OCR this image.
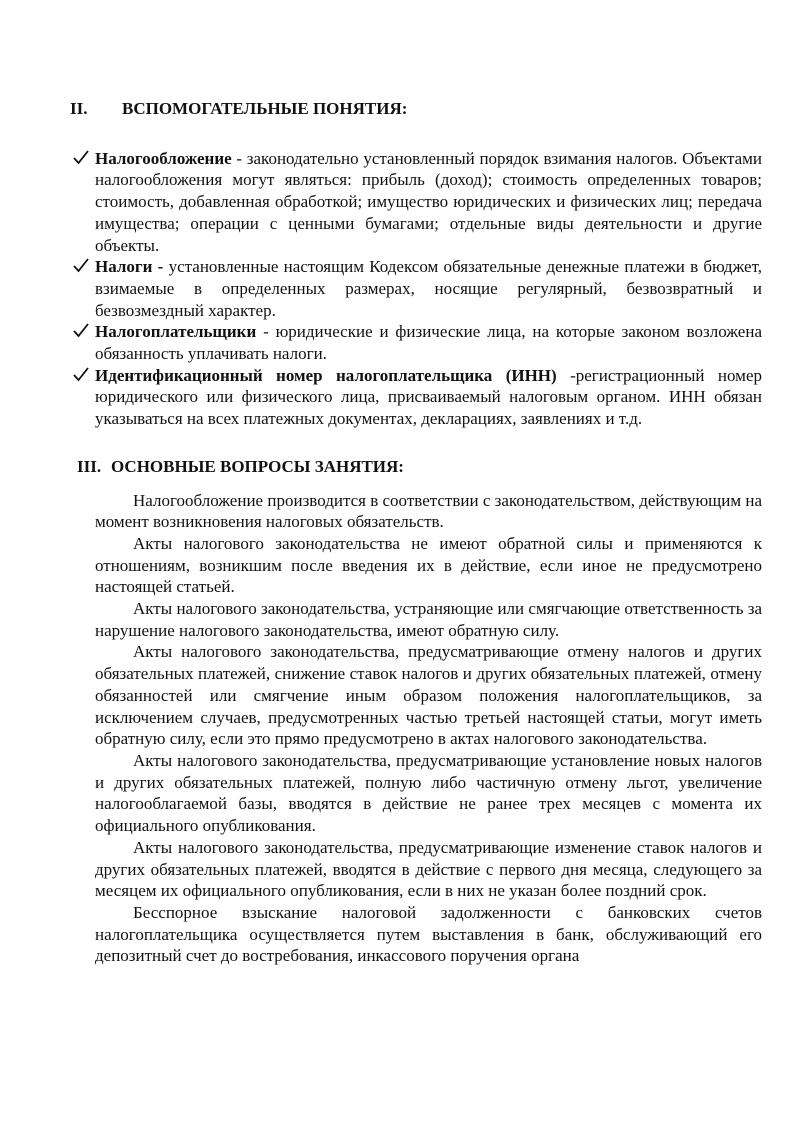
II.	ВСПОМОГАТЕЛЬНЫЕ ПОНЯТИЯ:
Налогообложение - законодательно установленный порядок взимания налогов. Объектами налогообложения могут являться: прибыль (доход); стоимость определенных товаров; стоимость, добавленная обработкой; имущество юридических и физических лиц; передача имущества; операции с ценными бумагами; отдельные виды деятельности и другие объекты.
Налоги - установленные настоящим Кодексом обязательные денежные платежи в бюджет, взимаемые в определенных размерах, носящие регулярный, безвозвратный и безвозмездный характер.
Налогоплательщики - юридические и физические лица, на которые законом возложена обязанность уплачивать налоги.
Идентификационный номер налогоплательщика (ИНН) -регистрационный номер юридического или физического лица, присваиваемый налоговым органом. ИНН обязан указываться на всех платежных документах, декларациях, заявлениях и т.д.
III. ОСНОВНЫЕ ВОПРОСЫ ЗАНЯТИЯ:

Налогообложение производится в соответствии с законодательством, действующим на момент возникновения налоговых обязательств.

Акты налогового законодательства не имеют обратной силы и применяются к отношениям, возникшим после введения их в действие, если иное не предусмотрено настоящей статьей.

Акты налогового законодательства, устраняющие или смягчающие ответственность за нарушение налогового законодательства, имеют обратную силу.

Акты налогового законодательства, предусматривающие отмену налогов и других обязательных платежей, снижение ставок налогов и других обязательных платежей, отмену обязанностей или смягчение иным образом положения налогоплательщиков, за исключением случаев, предусмотренных частью третьей настоящей статьи, могут иметь обратную силу, если это прямо предусмотрено в актах налогового законодательства.

Акты налогового законодательства, предусматривающие установление новых налогов и других обязательных платежей, полную либо частичную отмену льгот, увеличение налогооблагаемой базы, вводятся в действие не ранее трех месяцев с момента их официального опубликования.

Акты налогового законодательства, предусматривающие изменение ставок налогов и других обязательных платежей, вводятся в действие с первого дня месяца, следующего за месяцем их официального опубликования, если в них не указан более поздний срок.

Бесспорное взыскание налоговой задолженности с банковских счетов налогоплательщика осуществляется путем выставления в банк, обслуживающий его депозитный счет до востребования, инкассового поручения органа
